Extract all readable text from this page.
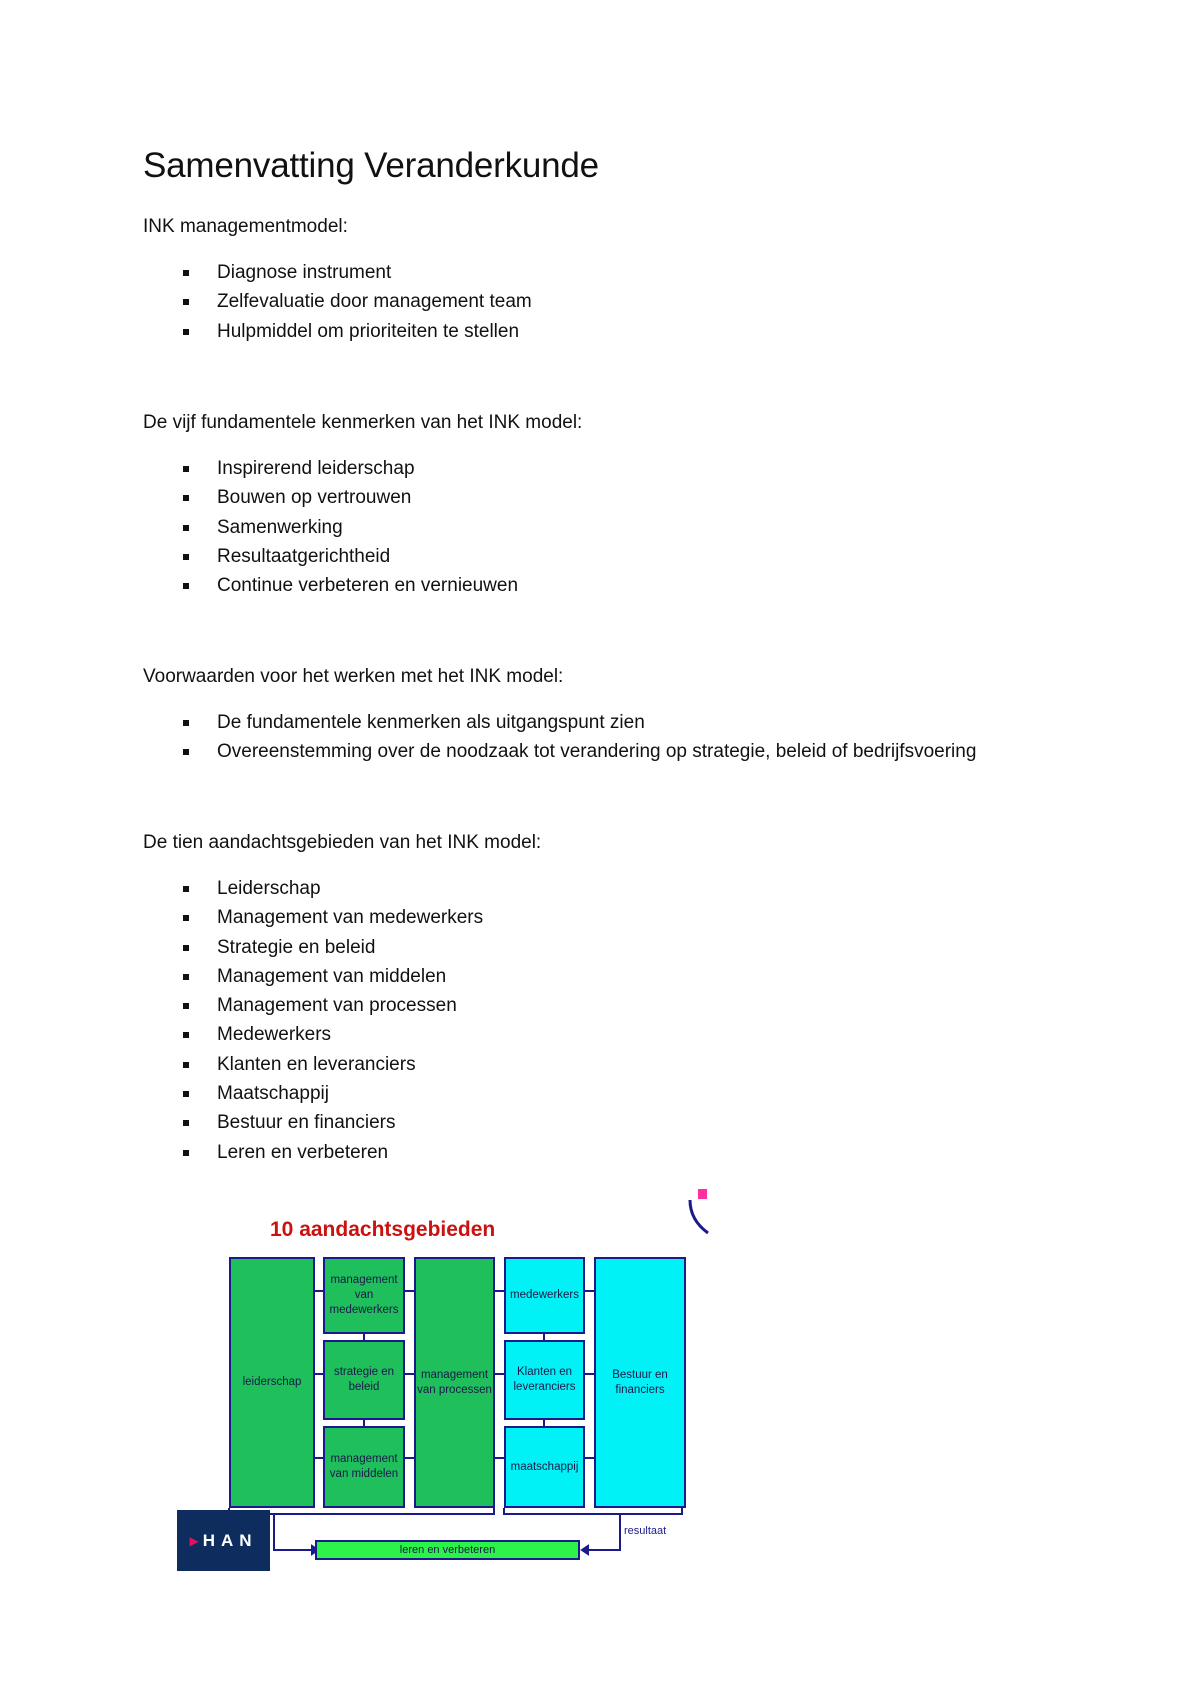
Samenvatting Veranderkunde

INK managementmodel:

Diagnose instrument
Zelfevaluatie door management team
Hulpmiddel om prioriteiten te stellen

De vijf fundamentele kenmerken van het INK model:

Inspirerend leiderschap
Bouwen op vertrouwen
Samenwerking
Resultaatgerichtheid
Continue verbeteren en vernieuwen

Voorwaarden voor het werken met het INK model:

De fundamentele kenmerken als uitgangspunt zien
Overeenstemming over de noodzaak tot verandering op strategie, beleid of bedrijfsvoering

De tien aandachtsgebieden van het INK model:

Leiderschap
Management van medewerkers
Strategie en beleid
Management van middelen
Management van processen
Medewerkers
Klanten en leveranciers
Maatschappij
Bestuur en financiers
Leren en verbeteren

10 aandachtsgebieden

leiderschap
management van medewerkers
strategie en beleid
management van middelen
management van processen
medewerkers
Klanten en leveranciers
maatschappij
Bestuur en financiers
leren en verbeteren
resultaat
▶ HAN
